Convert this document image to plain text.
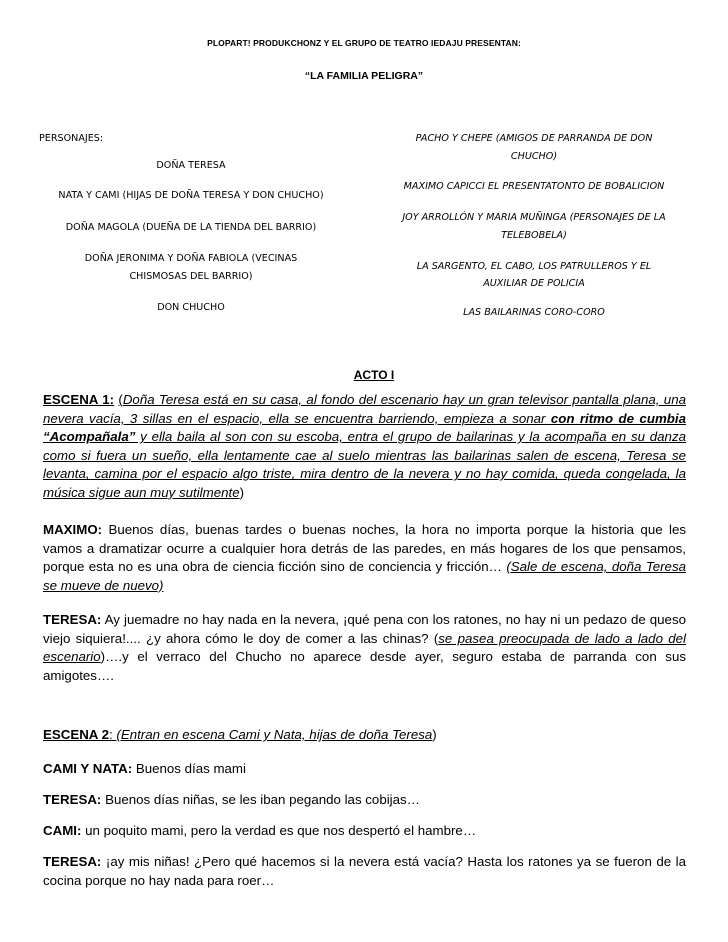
PLOPART! PRODUKCHONZ Y EL GRUPO DE TEATRO IEDAJU PRESENTAN:
“LA FAMILIA PELIGRA”
PERSONAJES:
DOÑA TERESA
NATA Y CAMI (HIJAS DE DOÑA TERESA Y DON CHUCHO)
DOÑA MAGOLA (DUEÑA DE LA TIENDA DEL BARRIO)
DOÑA JERONIMA Y DOÑA FABIOLA (VECINAS
CHISMOSAS DEL BARRIO)
DON CHUCHO
PACHO Y CHEPE (AMIGOS DE PARRANDA DE DON
CHUCHO)
MAXIMO CAPICCI EL PRESENTATONTO DE BOBALICION
JOY ARROLLÓN Y MARIA MUÑINGA (PERSONAJES DE LA
TELEBOBELA)
LA SARGENTO, EL CABO, LOS PATRULLEROS Y EL
AUXILIAR DE POLICIA
LAS BAILARINAS CORO-CORO
ACTO I
ESCENA 1: (Doña Teresa está en su casa, al fondo del escenario hay un gran televisor pantalla plana, una nevera vacía, 3 sillas en el espacio, ella se encuentra barriendo, empieza a sonar con ritmo de cumbia “Acompañala” y ella baila al son con su escoba, entra el grupo de bailarinas y la acompaña en su danza como si fuera un sueño, ella lentamente cae al suelo mientras las bailarinas salen de escena, Teresa se levanta, camina por el espacio algo triste, mira dentro de la nevera y no hay comida, queda congelada, la música sigue aun muy sutilmente)
MAXIMO: Buenos días, buenas tardes o buenas noches, la hora no importa porque la historia que les vamos a dramatizar ocurre a cualquier hora detrás de las paredes, en más hogares de los que pensamos, porque esta no es una obra de ciencia ficción sino de conciencia y fricción… (Sale de escena, doña Teresa se mueve de nuevo)
TERESA: Ay juemadre no hay nada en la nevera, ¡qué pena con los ratones, no hay ni un pedazo de queso viejo siquiera!.... ¿y ahora cómo le doy de comer a las chinas? (se pasea preocupada de lado a lado del escenario)….y el verraco del Chucho no aparece desde ayer, seguro estaba de parranda con sus amigotes….
ESCENA 2: (Entran en escena Cami y Nata, hijas de doña Teresa)
CAMI Y NATA: Buenos días mami
TERESA: Buenos días niñas, se les iban pegando las cobijas…
CAMI: un poquito mami, pero la verdad es que nos despertó el hambre…
TERESA: ¡ay mis niñas! ¿Pero qué hacemos si la nevera está vacía? Hasta los ratones ya se fueron de la cocina porque no hay nada para roer…
